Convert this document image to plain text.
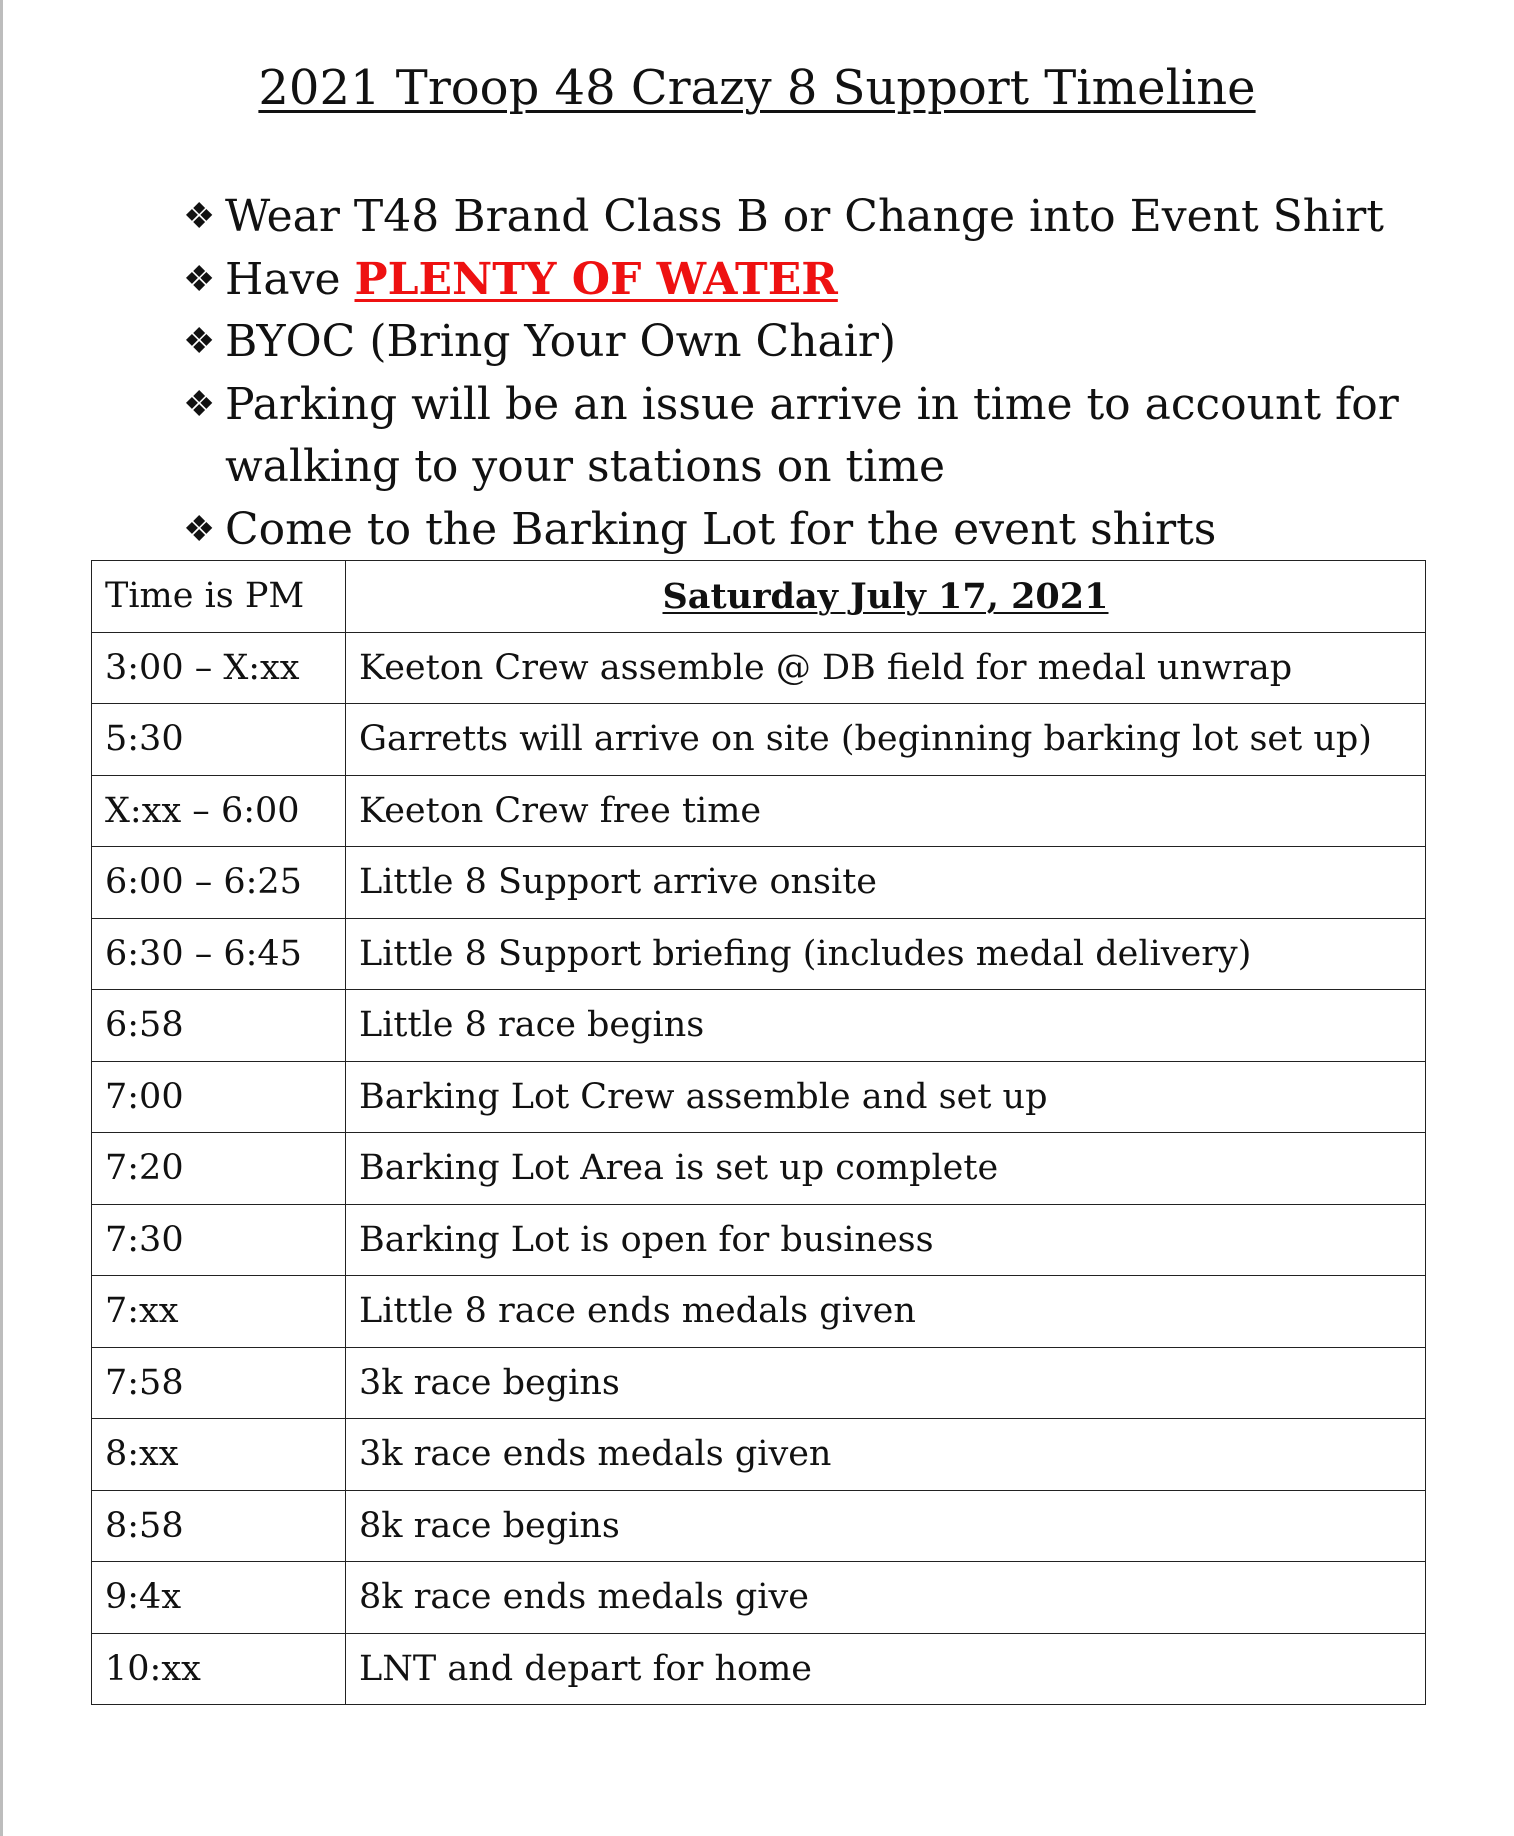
2021 Troop 48 Crazy 8 Support Timeline
❖ Wear T48 Brand Class B or Change into Event Shirt
❖ Have PLENTY OF WATER
❖ BYOC (Bring Your Own Chair)
❖ Parking will be an issue arrive in time to account for
walking to your stations on time
❖ Come to the Barking Lot for the event shirts
Time is PM	Saturday July 17, 2021
3:00 – X:xx	Keeton Crew assemble @ DB field for medal unwrap
5:30	Garretts will arrive on site (beginning barking lot set up)
X:xx – 6:00	Keeton Crew free time
6:00 – 6:25	Little 8 Support arrive onsite
6:30 – 6:45	Little 8 Support briefing (includes medal delivery)
6:58	Little 8 race begins
7:00	Barking Lot Crew assemble and set up
7:20	Barking Lot Area is set up complete
7:30	Barking Lot is open for business
7:xx	Little 8 race ends medals given
7:58	3k race begins
8:xx	3k race ends medals given
8:58	8k race begins
9:4x	8k race ends medals give
10:xx	LNT and depart for home
